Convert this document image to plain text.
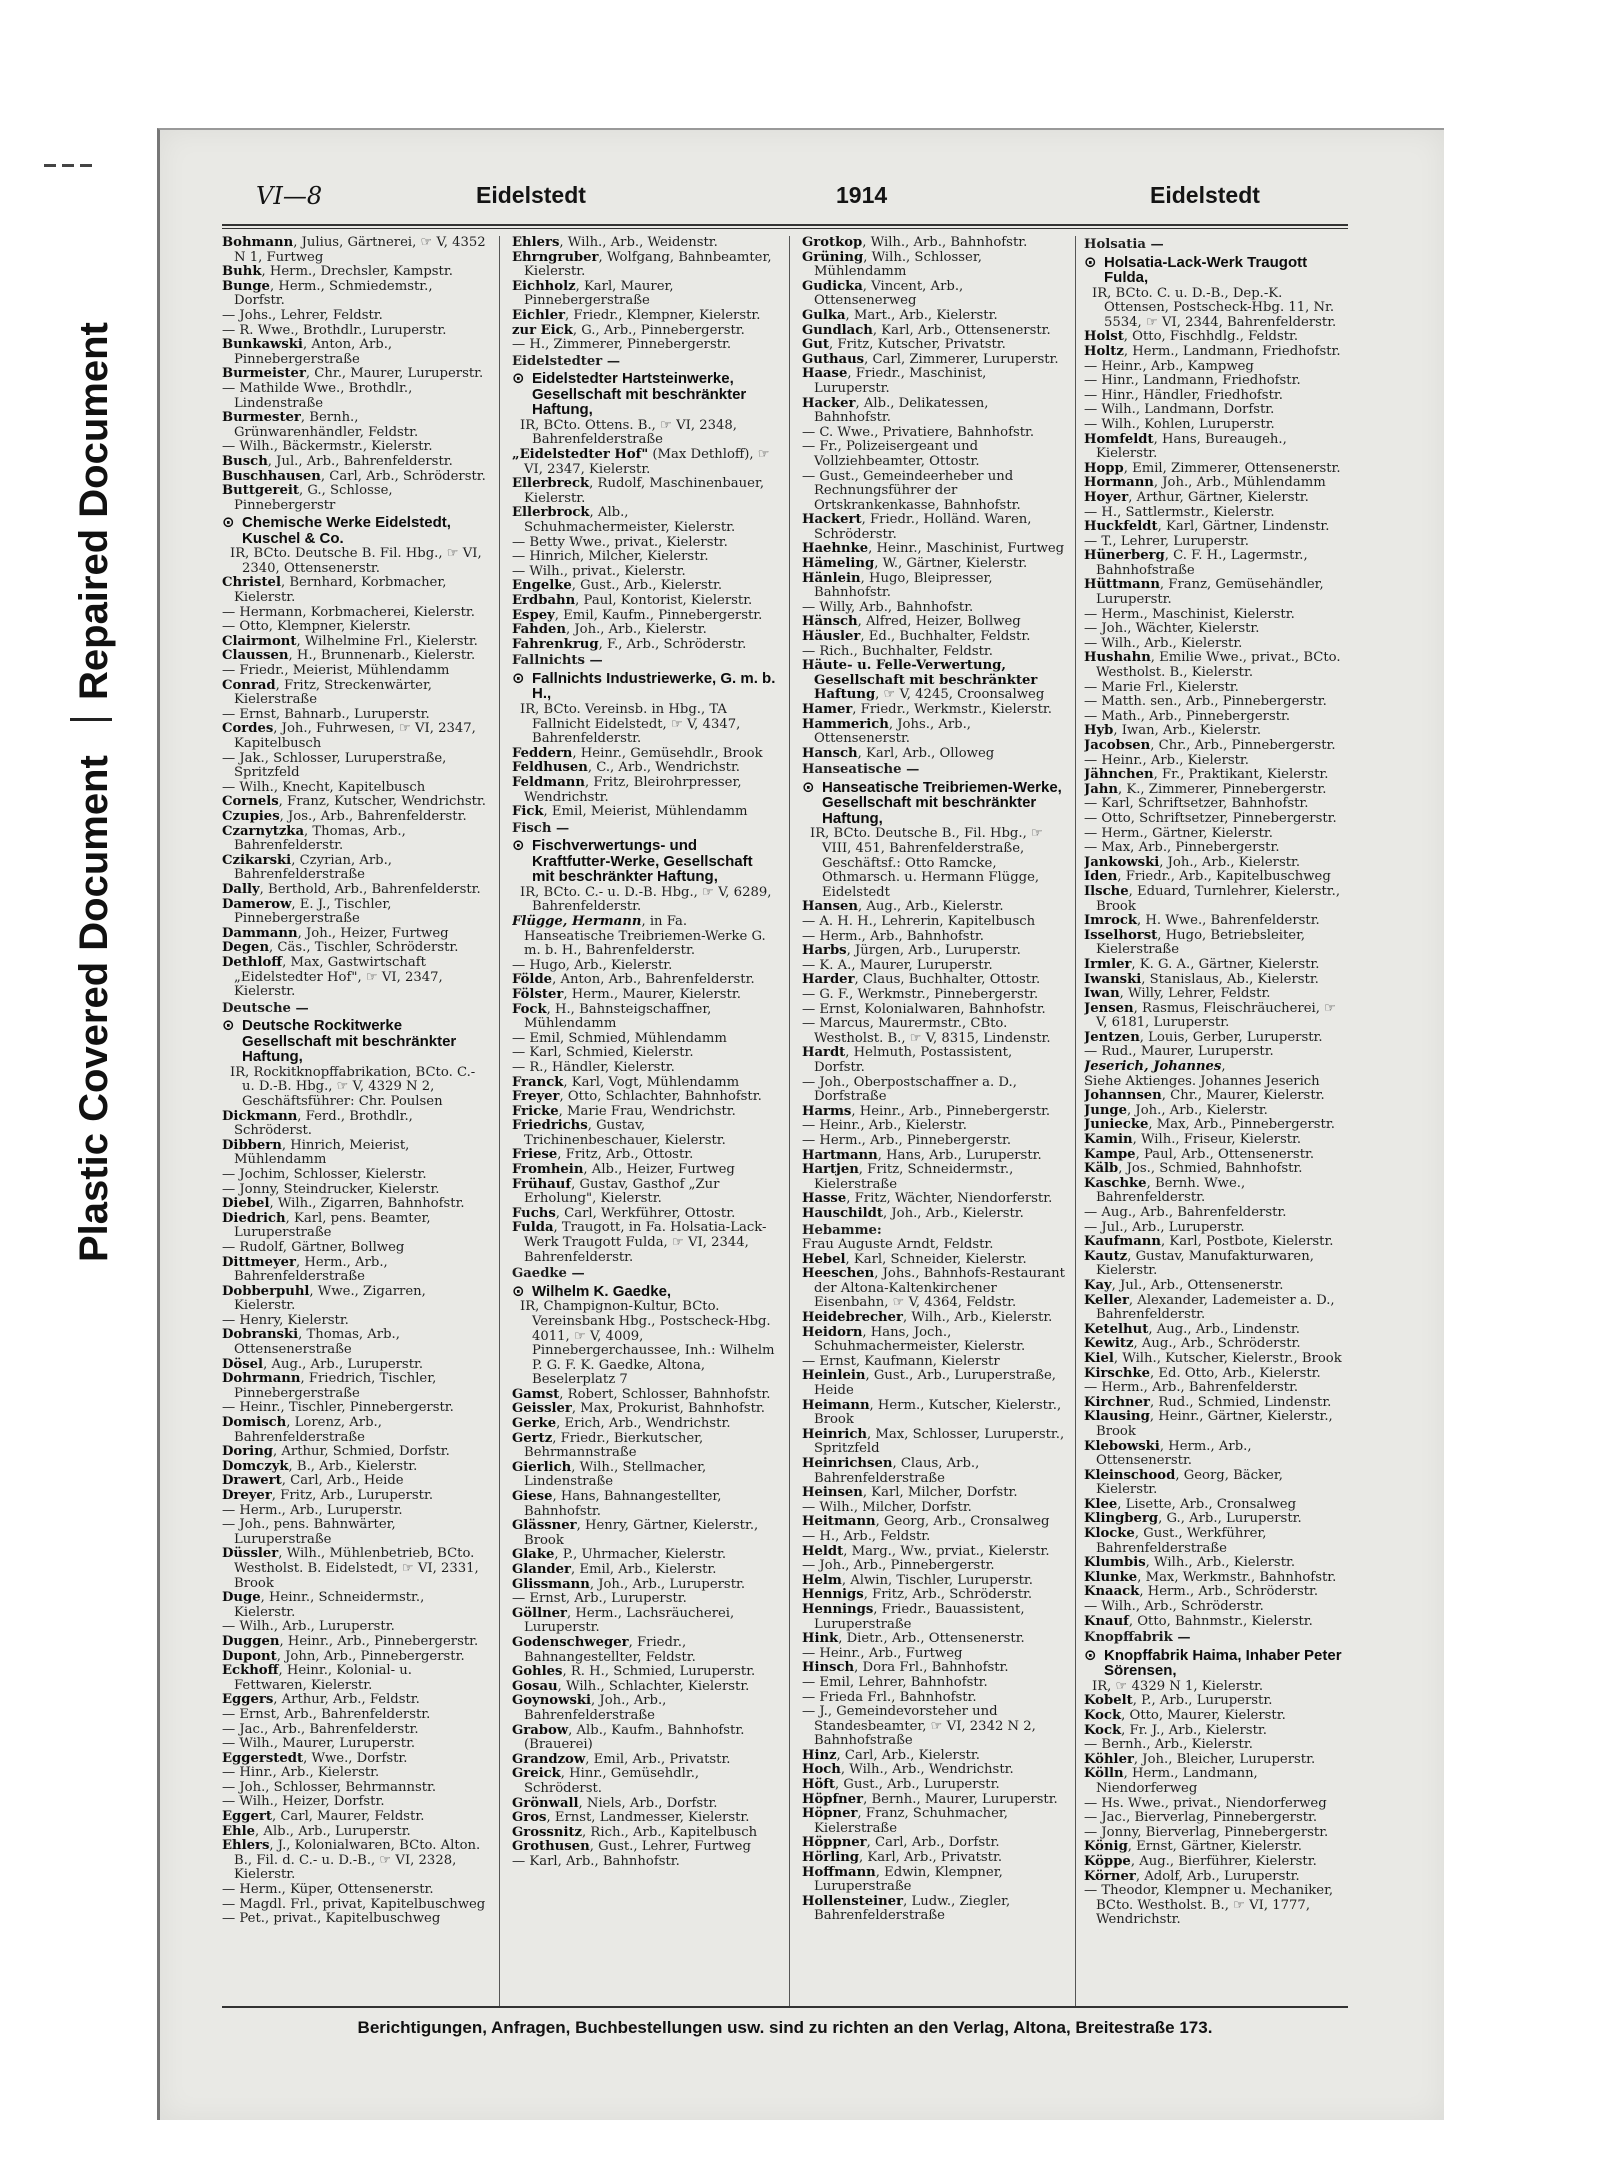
Repaired Document
Plastic Covered Document
VI—8	Eidelstedt	1914	Eidelstedt
Bohmann, Julius, Gärtnerei, ☞ V, 4352 N 1, Furtweg
Buhk, Herm., Drechsler, Kampstr.
Bunge, Herm., Schmiedemstr., Dorfstr.
— Johs., Lehrer, Feldstr.
— R. Wwe., Brothdlr., Luruperstr.
Bunkawski, Anton, Arb., Pinnebergerstraße
Burmeister, Chr., Maurer, Luruperstr.
— Mathilde Wwe., Brothdlr., Lindenstraße
Burmester, Bernh., Grünwarenhändler, Feldstr.
— Wilh., Bäckermstr., Kielerstr.
Busch, Jul., Arb., Bahrenfelderstr.
Buschhausen, Carl, Arb., Schröderstr.
Buttgereit, G., Schlosse, Pinnebergerstr
⊙ Chemische Werke Eidelstedt, Kuschel & Co.
IR, BCto. Deutsche B. Fil. Hbg., ☞ VI, 2340, Ottensenerstr.
Christel, Bernhard, Korbmacher, Kielerstr.
— Hermann, Korbmacherei, Kielerstr.
— Otto, Klempner, Kielerstr.
Clairmont, Wilhelmine Frl., Kielerstr.
Claussen, H., Brunnenarb., Kielerstr.
— Friedr., Meierist, Mühlendamm
Conrad, Fritz, Streckenwärter, Kielerstraße
— Ernst, Bahnarb., Luruperstr.
Cordes, Joh., Fuhrwesen, ☞ VI, 2347, Kapitelbusch
— Jak., Schlosser, Luruperstraße, Spritzfeld
— Wilh., Knecht, Kapitelbusch
Cornels, Franz, Kutscher, Wendrichstr.
Czupies, Jos., Arb., Bahrenfelderstr.
Czarnytzka, Thomas, Arb., Bahrenfelderstr.
Czikarski, Czyrian, Arb., Bahrenfelderstraße
Dally, Berthold, Arb., Bahrenfelderstr.
Damerow, E. J., Tischler, Pinnebergerstraße
Dammann, Joh., Heizer, Furtweg
Degen, Cäs., Tischler, Schröderstr.
Dethloff, Max, Gastwirtschaft „Eidelstedter Hof", ☞ VI, 2347, Kielerstr.
Deutsche —
⊙ Deutsche Rockitwerke Gesellschaft mit beschränkter Haftung,
IR, Rockitknopffabrikation, BCto. C.- u. D.-B. Hbg., ☞ V, 4329 N 2, Geschäftsführer: Chr. Poulsen
Dickmann, Ferd., Brothdlr., Schröderst.
Dibbern, Hinrich, Meierist, Mühlendamm
— Jochim, Schlosser, Kielerstr.
— Jonny, Steindrucker, Kielerstr.
Diebel, Wilh., Zigarren, Bahnhofstr.
Diedrich, Karl, pens. Beamter, Luruperstraße
— Rudolf, Gärtner, Bollweg
Dittmeyer, Herm., Arb., Bahrenfelderstraße
Dobberpuhl, Wwe., Zigarren, Kielerstr.
— Henry, Kielerstr.
Dobranski, Thomas, Arb., Ottensenerstraße
Dösel, Aug., Arb., Luruperstr.
Dohrmann, Friedrich, Tischler, Pinnebergerstraße
— Heinr., Tischler, Pinnebergerstr.
Domisch, Lorenz, Arb., Bahrenfelderstraße
Doring, Arthur, Schmied, Dorfstr.
Domczyk, B., Arb., Kielerstr.
Drawert, Carl, Arb., Heide
Dreyer, Fritz, Arb., Luruperstr.
— Herm., Arb., Luruperstr.
— Joh., pens. Bahnwärter, Luruperstraße
Düssler, Wilh., Mühlenbetrieb, BCto. Westholst. B. Eidelstedt, ☞ VI, 2331, Brook
Duge, Heinr., Schneidermstr., Kielerstr.
— Wilh., Arb., Luruperstr.
Duggen, Heinr., Arb., Pinnebergerstr.
Dupont, John, Arb., Pinnebergerstr.
Eckhoff, Heinr., Kolonial- u. Fettwaren, Kielerstr.
Eggers, Arthur, Arb., Feldstr.
— Ernst, Arb., Bahrenfelderstr.
— Jac., Arb., Bahrenfelderstr.
— Wilh., Maurer, Luruperstr.
Eggerstedt, Wwe., Dorfstr.
— Hinr., Arb., Kielerstr.
— Joh., Schlosser, Behrmannstr.
— Wilh., Heizer, Dorfstr.
Eggert, Carl, Maurer, Feldstr.
Ehle, Alb., Arb., Luruperstr.
Ehlers, J., Kolonialwaren, BCto. Alton. B., Fil. d. C.- u. D.-B., ☞ VI, 2328, Kielerstr.
— Herm., Küper, Ottensenerstr.
— Magdl. Frl., privat, Kapitelbuschweg
— Pet., privat., Kapitelbuschweg
Ehlers, Wilh., Arb., Weidenstr.
Ehrngruber, Wolfgang, Bahnbeamter, Kielerstr.
Eichholz, Karl, Maurer, Pinnebergerstraße
Eichler, Friedr., Klempner, Kielerstr.
zur Eick, G., Arb., Pinnebergerstr.
— H., Zimmerer, Pinnebergerstr.
Eidelstedter —
⊙ Eidelstedter Hartsteinwerke, Gesellschaft mit beschränkter Haftung,
IR, BCto. Ottens. B., ☞ VI, 2348, Bahrenfelderstraße
„Eidelstedter Hof" (Max Dethloff), ☞ VI, 2347, Kielerstr.
Ellerbreck, Rudolf, Maschinenbauer, Kielerstr.
Ellerbrock, Alb., Schuhmachermeister, Kielerstr.
— Betty Wwe., privat., Kielerstr.
— Hinrich, Milcher, Kielerstr.
— Wilh., privat., Kielerstr.
Engelke, Gust., Arb., Kielerstr.
Erdbahn, Paul, Kontorist, Kielerstr.
Espey, Emil, Kaufm., Pinnebergerstr.
Fahden, Joh., Arb., Kielerstr.
Fahrenkrug, F., Arb., Schröderstr.
Fallnichts —
⊙ Fallnichts Industriewerke, G. m. b. H.,
IR, BCto. Vereinsb. in Hbg., TA Fallnicht Eidelstedt, ☞ V, 4347, Bahrenfelderstr.
Feddern, Heinr., Gemüsehdlr., Brook
Feldhusen, C., Arb., Wendrichstr.
Feldmann, Fritz, Bleirohrpresser, Wendrichstr.
Fick, Emil, Meierist, Mühlendamm
Fisch —
⊙ Fischverwertungs- und Kraftfutter-Werke, Gesellschaft mit beschränkter Haftung,
IR, BCto. C.- u. D.-B. Hbg., ☞ V, 6289, Bahrenfelderstr.
Flügge, Hermann, in Fa. Hanseatische Treibriemen-Werke G. m. b. H., Bahrenfelderstr.
— Hugo, Arb., Kielerstr.
Földe, Anton, Arb., Bahrenfelderstr.
Fölster, Herm., Maurer, Kielerstr.
Fock, H., Bahnsteigschaffner, Mühlendamm
— Emil, Schmied, Mühlendamm
— Karl, Schmied, Kielerstr.
— R., Händler, Kielerstr.
Franck, Karl, Vogt, Mühlendamm
Freyer, Otto, Schlachter, Bahnhofstr.
Fricke, Marie Frau, Wendrichstr.
Friedrichs, Gustav, Trichinenbeschauer, Kielerstr.
Friese, Fritz, Arb., Ottostr.
Fromhein, Alb., Heizer, Furtweg
Frühauf, Gustav, Gasthof „Zur Erholung", Kielerstr.
Fuchs, Carl, Werkführer, Ottostr.
Fulda, Traugott, in Fa. Holsatia-Lack-Werk Traugott Fulda, ☞ VI, 2344, Bahrenfelderstr.
Gaedke —
⊙ Wilhelm K. Gaedke,
IR, Champignon-Kultur, BCto. Vereinsbank Hbg., Postscheck-Hbg. 4011, ☞ V, 4009, Pinnebergerchaussee, Inh.: Wilhelm P. G. F. K. Gaedke, Altona, Beselerplatz 7
Gamst, Robert, Schlosser, Bahnhofstr.
Geissler, Max, Prokurist, Bahnhofstr.
Gerke, Erich, Arb., Wendrichstr.
Gertz, Friedr., Bierkutscher, Behrmannstraße
Gierlich, Wilh., Stellmacher, Lindenstraße
Giese, Hans, Bahnangestellter, Bahnhofstr.
Glässner, Henry, Gärtner, Kielerstr., Brook
Glake, P., Uhrmacher, Kielerstr.
Glander, Emil, Arb., Kielerstr.
Glissmann, Joh., Arb., Luruperstr.
— Ernst, Arb., Luruperstr.
Göllner, Herm., Lachsräucherei, Luruperstr.
Godenschweger, Friedr., Bahnangestellter, Feldstr.
Gohles, R. H., Schmied, Luruperstr.
Gosau, Wilh., Schlachter, Kielerstr.
Goynowski, Joh., Arb., Bahrenfelderstraße
Grabow, Alb., Kaufm., Bahnhofstr. (Brauerei)
Grandzow, Emil, Arb., Privatstr.
Greick, Hinr., Gemüsehdlr., Schröderst.
Grönwall, Niels, Arb., Dorfstr.
Gros, Ernst, Landmesser, Kielerstr.
Grossnitz, Rich., Arb., Kapitelbusch
Grothusen, Gust., Lehrer, Furtweg
— Karl, Arb., Bahnhofstr.
Grotkop, Wilh., Arb., Bahnhofstr.
Grüning, Wilh., Schlosser, Mühlendamm
Gudicka, Vincent, Arb., Ottensenerweg
Gulka, Mart., Arb., Kielerstr.
Gundlach, Karl, Arb., Ottensenerstr.
Gut, Fritz, Kutscher, Privatstr.
Guthaus, Carl, Zimmerer, Luruperstr.
Haase, Friedr., Maschinist, Luruperstr.
Hacker, Alb., Delikatessen, Bahnhofstr.
— C. Wwe., Privatiere, Bahnhofstr.
— Fr., Polizeisergeant und Vollziehbeamter, Ottostr.
— Gust., Gemeindeerheber und Rechnungsführer der Ortskrankenkasse, Bahnhofstr.
Hackert, Friedr., Holländ. Waren, Schröderstr.
Haehnke, Heinr., Maschinist, Furtweg
Hämeling, W., Gärtner, Kielerstr.
Hänlein, Hugo, Bleipresser, Bahnhofstr.
— Willy, Arb., Bahnhofstr.
Hänsch, Alfred, Heizer, Bollweg
Häusler, Ed., Buchhalter, Feldstr.
— Rich., Buchhalter, Feldstr.
Häute- u. Felle-Verwertung, Gesellschaft mit beschränkter Haftung, ☞ V, 4245, Croonsalweg
Hamer, Friedr., Werkmstr., Kielerstr.
Hammerich, Johs., Arb., Ottensenerstr.
Hansch, Karl, Arb., Olloweg
Hanseatische —
⊙ Hanseatische Treibriemen-Werke, Gesellschaft mit beschränkter Haftung,
IR, BCto. Deutsche B., Fil. Hbg., ☞ VIII, 451, Bahrenfelderstraße, Geschäftsf.: Otto Ramcke, Othmarsch. u. Hermann Flügge, Eidelstedt
Hansen, Aug., Arb., Kielerstr.
— A. H. H., Lehrerin, Kapitelbusch
— Herm., Arb., Bahnhofstr.
Harbs, Jürgen, Arb., Luruperstr.
— K. A., Maurer, Luruperstr.
Harder, Claus, Buchhalter, Ottostr.
— G. F., Werkmstr., Pinnebergerstr.
— Ernst, Kolonialwaren, Bahnhofstr.
— Marcus, Maurermstr., CBto. Westholst. B., ☞ V, 8315, Lindenstr.
Hardt, Helmuth, Postassistent, Dorfstr.
— Joh., Oberpostschaffner a. D., Dorfstraße
Harms, Heinr., Arb., Pinnebergerstr.
— Heinr., Arb., Kielerstr.
— Herm., Arb., Pinnebergerstr.
Hartmann, Hans, Arb., Luruperstr.
Hartjen, Fritz, Schneidermstr., Kielerstraße
Hasse, Fritz, Wächter, Niendorferstr.
Hauschildt, Joh., Arb., Kielerstr.
Hebamme:
Frau Auguste Arndt, Feldstr.
Hebel, Karl, Schneider, Kielerstr.
Heeschen, Johs., Bahnhofs-Restaurant der Altona-Kaltenkirchener Eisenbahn, ☞ V, 4364, Feldstr.
Heidebrecher, Wilh., Arb., Kielerstr.
Heidorn, Hans, Joch., Schuhmachermeister, Kielerstr.
— Ernst, Kaufmann, Kielerstr
Heinlein, Gust., Arb., Luruperstraße, Heide
Heimann, Herm., Kutscher, Kielerstr., Brook
Heinrich, Max, Schlosser, Luruperstr., Spritzfeld
Heinrichsen, Claus, Arb., Bahrenfelderstraße
Heinsen, Karl, Milcher, Dorfstr.
— Wilh., Milcher, Dorfstr.
Heitmann, Georg, Arb., Cronsalweg
— H., Arb., Feldstr.
Heldt, Marg., Ww., prviat., Kielerstr.
— Joh., Arb., Pinnebergerstr.
Helm, Alwin, Tischler, Luruperstr.
Hennigs, Fritz, Arb., Schröderstr.
Hennings, Friedr., Bauassistent, Luruperstraße
Hink, Dietr., Arb., Ottensenerstr.
— Heinr., Arb., Furtweg
Hinsch, Dora Frl., Bahnhofstr.
— Emil, Lehrer, Bahnhofstr.
— Frieda Frl., Bahnhofstr.
— J., Gemeindevorsteher und Standesbeamter, ☞ VI, 2342 N 2, Bahnhofstraße
Hinz, Carl, Arb., Kielerstr.
Hoch, Wilh., Arb., Wendrichstr.
Höft, Gust., Arb., Luruperstr.
Höpfner, Bernh., Maurer, Luruperstr.
Höpner, Franz, Schuhmacher, Kielerstraße
Höppner, Carl, Arb., Dorfstr.
Hörling, Karl, Arb., Privatstr.
Hoffmann, Edwin, Klempner, Luruperstraße
Hollensteiner, Ludw., Ziegler, Bahrenfelderstraße
Holsatia —
⊙ Holsatia-Lack-Werk Traugott Fulda,
IR, BCto. C. u. D.-B., Dep.-K. Ottensen, Postscheck-Hbg. 11, Nr. 5534, ☞ VI, 2344, Bahrenfelderstr.
Holst, Otto, Fischhdlg., Feldstr.
Holtz, Herm., Landmann, Friedhofstr.
— Heinr., Arb., Kampweg
— Hinr., Landmann, Friedhofstr.
— Hinr., Händler, Friedhofstr.
— Wilh., Landmann, Dorfstr.
— Wilh., Kohlen, Luruperstr.
Homfeldt, Hans, Bureaugeh., Kielerstr.
Hopp, Emil, Zimmerer, Ottensenerstr.
Hormann, Joh., Arb., Mühlendamm
Hoyer, Arthur, Gärtner, Kielerstr.
— H., Sattlermstr., Kielerstr.
Huckfeldt, Karl, Gärtner, Lindenstr.
— T., Lehrer, Luruperstr.
Hünerberg, C. F. H., Lagermstr., Bahnhofstraße
Hüttmann, Franz, Gemüsehändler, Luruperstr.
— Herm., Maschinist, Kielerstr.
— Joh., Wächter, Kielerstr.
— Wilh., Arb., Kielerstr.
Hushahn, Emilie Wwe., privat., BCto. Westholst. B., Kielerstr.
— Marie Frl., Kielerstr.
— Matth. sen., Arb., Pinnebergerstr.
— Math., Arb., Pinnebergerstr.
Hyb, Iwan, Arb., Kielerstr.
Jacobsen, Chr., Arb., Pinnebergerstr.
— Heinr., Arb., Kielerstr.
Jähnchen, Fr., Praktikant, Kielerstr.
Jahn, K., Zimmerer, Pinnebergerstr.
— Karl, Schriftsetzer, Bahnhofstr.
— Otto, Schriftsetzer, Pinnebergerstr.
— Herm., Gärtner, Kielerstr.
— Max, Arb., Pinnebergerstr.
Jankowski, Joh., Arb., Kielerstr.
Iden, Friedr., Arb., Kapitelbuschweg
Ilsche, Eduard, Turnlehrer, Kielerstr., Brook
Imrock, H. Wwe., Bahrenfelderstr.
Isselhorst, Hugo, Betriebsleiter, Kielerstraße
Irmler, K. G. A., Gärtner, Kielerstr.
Iwanski, Stanislaus, Ab., Kielerstr.
Iwan, Willy, Lehrer, Feldstr.
Jensen, Rasmus, Fleischräucherei, ☞ V, 6181, Luruperstr.
Jentzen, Louis, Gerber, Luruperstr.
— Rud., Maurer, Luruperstr.
Jeserich, Johannes,
Siehe Aktienges. Johannes Jeserich
Johannsen, Chr., Maurer, Kielerstr.
Junge, Joh., Arb., Kielerstr.
Juniecke, Max, Arb., Pinnebergerstr.
Kamin, Wilh., Friseur, Kielerstr.
Kampe, Paul, Arb., Ottensenerstr.
Kälb, Jos., Schmied, Bahnhofstr.
Kaschke, Bernh. Wwe., Bahrenfelderstr.
— Aug., Arb., Bahrenfelderstr.
— Jul., Arb., Luruperstr.
Kaufmann, Karl, Postbote, Kielerstr.
Kautz, Gustav, Manufakturwaren, Kielerstr.
Kay, Jul., Arb., Ottensenerstr.
Keller, Alexander, Lademeister a. D., Bahrenfelderstr.
Ketelhut, Aug., Arb., Lindenstr.
Kewitz, Aug., Arb., Schröderstr.
Kiel, Wilh., Kutscher, Kielerstr., Brook
Kirschke, Ed. Otto, Arb., Kielerstr.
— Herm., Arb., Bahrenfelderstr.
Kirchner, Rud., Schmied, Lindenstr.
Klausing, Heinr., Gärtner, Kielerstr., Brook
Klebowski, Herm., Arb., Ottensenerstr.
Kleinschood, Georg, Bäcker, Kielerstr.
Klee, Lisette, Arb., Cronsalweg
Klingberg, G., Arb., Luruperstr.
Klocke, Gust., Werkführer, Bahrenfelderstraße
Klumbis, Wilh., Arb., Kielerstr.
Klunke, Max, Werkmstr., Bahnhofstr.
Knaack, Herm., Arb., Schröderstr.
— Wilh., Arb., Schröderstr.
Knauf, Otto, Bahnmstr., Kielerstr.
Knopffabrik —
⊙ Knopffabrik Haima, Inhaber Peter Sörensen,
IR, ☞ 4329 N 1, Kielerstr.
Kobelt, P., Arb., Luruperstr.
Kock, Otto, Maurer, Kielerstr.
Kock, Fr. J., Arb., Kielerstr.
— Bernh., Arb., Kielerstr.
Köhler, Joh., Bleicher, Luruperstr.
Kölln, Herm., Landmann, Niendorferweg
— Hs. Wwe., privat., Niendorferweg
— Jac., Bierverlag, Pinnebergerstr.
— Jonny, Bierverlag, Pinnebergerstr.
König, Ernst, Gärtner, Kielerstr.
Köppe, Aug., Bierführer, Kielerstr.
Körner, Adolf, Arb., Luruperstr.
— Theodor, Klempner u. Mechaniker, BCto. Westholst. B., ☞ VI, 1777, Wendrichstr.
Berichtigungen, Anfragen, Buchbestellungen usw. sind zu richten an den Verlag, Altona, Breitestraße 173.
